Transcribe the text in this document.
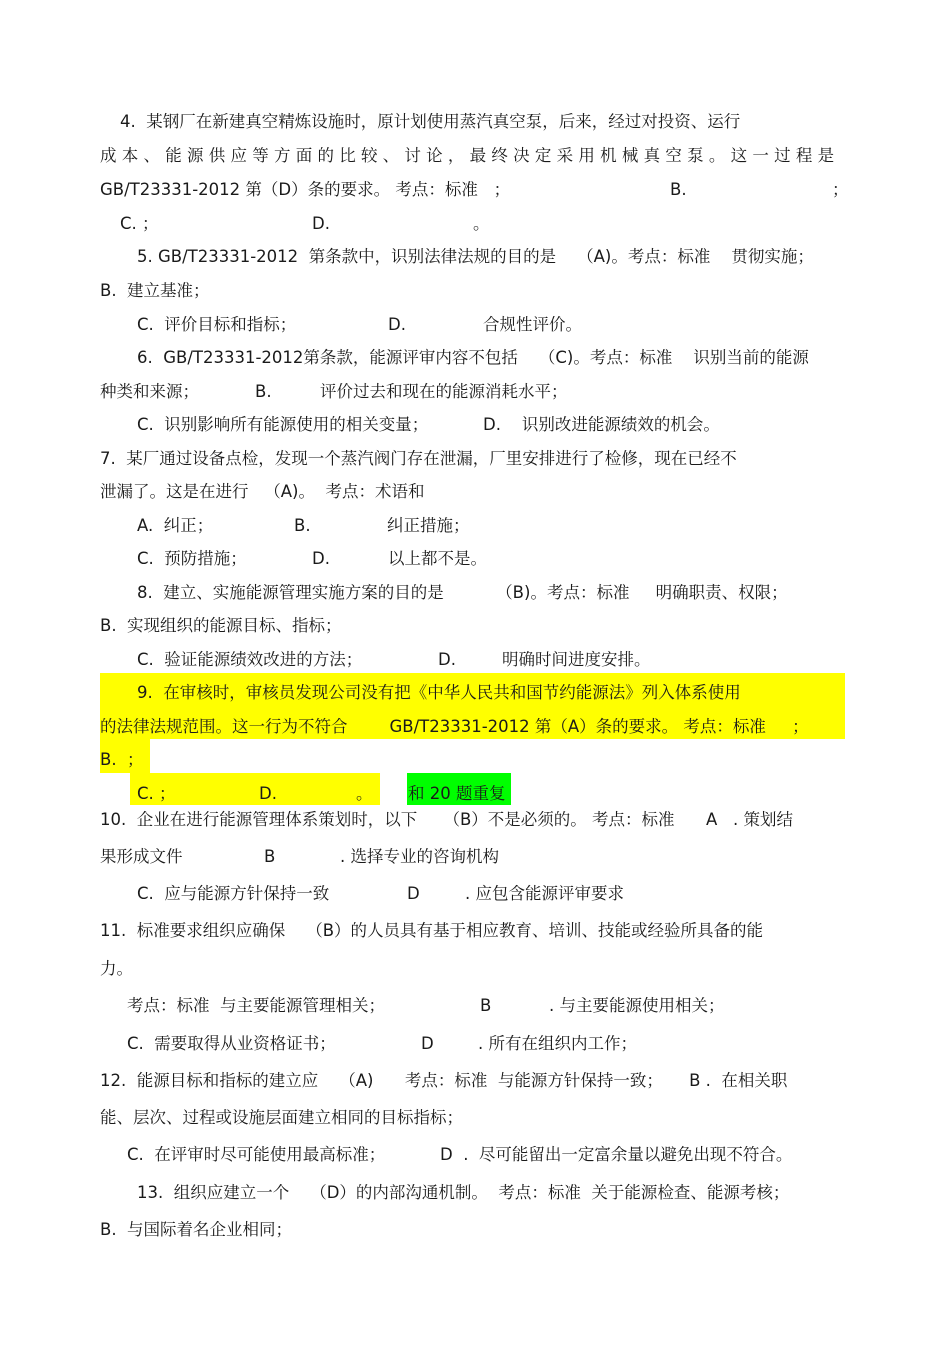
4.  某钢厂在新建真空精炼设施时，原计划使用蒸汽真空泵，后来，经过对投资、运行
成 本 、 能 源 供 应 等 方 面 的 比 较 、 讨 论 ， 最 终 决 定 采 用 机 械 真 空 泵 。 这 一 过 程 是
GB/T23331-2012 第（D）条的要求。 考点：标准   ；	B.	；
C. ；	D.	。
5. GB/T23331-2012  第条款中，识别法律法规的目的是    （A)。考点：标准    贯彻实施；
B.  建立基准；
C.  评价目标和指标；	D.	合规性评价。
6.  GB/T23331-2012第条款，能源评审内容不包括    （C)。考点：标准    识别当前的能源
种类和来源；	B.	评价过去和现在的能源消耗水平；
C.  识别影响所有能源使用的相关变量；	D.    识别改进能源绩效的机会。
7.  某厂通过设备点检，发现一个蒸汽阀门存在泄漏，厂里安排进行了检修，现在已经不
泄漏了。这是在进行   （A)。  考点：术语和
A.  纠正；	B.	纠正措施；
C.  预防措施；	D.	以上都不是。
8.  建立、实施能源管理实施方案的目的是          （B)。考点：标准     明确职责、权限；
B.  实现组织的能源目标、指标；
C.  验证能源绩效改进的方法；	D.	明确时间进度安排。
9.  在审核时，审核员发现公司没有把《中华人民共和国节约能源法》列入体系使用
的法律法规范围。这一行为不符合        GB/T23331-2012 第（A）条的要求。 考点：标准     ；
B.  ；
C. ；	D.	。 和 20 题重复
10.  企业在进行能源管理体系策划时，以下     （B）不是必须的。 考点：标准      A   . 策划结
果形成文件	B	. 选择专业的咨询机构
C.  应与能源方针保持一致	D	. 应包含能源评审要求
11.  标准要求组织应确保    （B）的人员具有基于相应教育、培训、技能或经验所具备的能
力。
考点：标准  与主要能源管理相关；	B	. 与主要能源使用相关；
C.  需要取得从业资格证书；	D	. 所有在组织内工作；
12.  能源目标和指标的建立应    （A)      考点：标准  与能源方针保持一致；     B .  在相关职
能、层次、过程或设施层面建立相同的目标指标；
C.  在评审时尽可能使用最高标准；	D  .  尽可能留出一定富余量以避免出现不符合。
13.  组织应建立一个    （D）的内部沟通机制。  考点：标准  关于能源检查、能源考核；
B.  与国际着名企业相同；
